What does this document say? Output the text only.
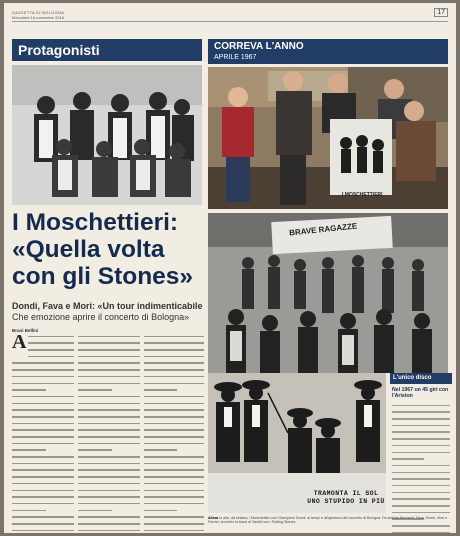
GAZZETTA DI BOLOGNA
Mercoledì 16 novembre 2016
17
Protagonisti	CORREVA L'ANNO
APRILE 1967
I MOSCHETTIERI
I Moschettieri:
«Quella volta
con gli Stones»
Dondi, Fava e Mori: «Un tour indimenticabile
Che emozione aprire il concerto di Bologna»
Brani Bellini
A
BRAVE RAGAZZE
TRAMONTA IL SOL
UNO STUPIDO IN PIÙ
L'unico disco
Nel 1967 un 45 giri con l'Ariston
Allora In alto, da sinistra, i Moschettieri con Giampiero Dondi, ai tempi e all'apertura del concerto di Bologna. Da sinistra Bernardi, Fava, Dondi, Mori e Ferrari; al centro la band al Tardini con i Rolling Stones.
